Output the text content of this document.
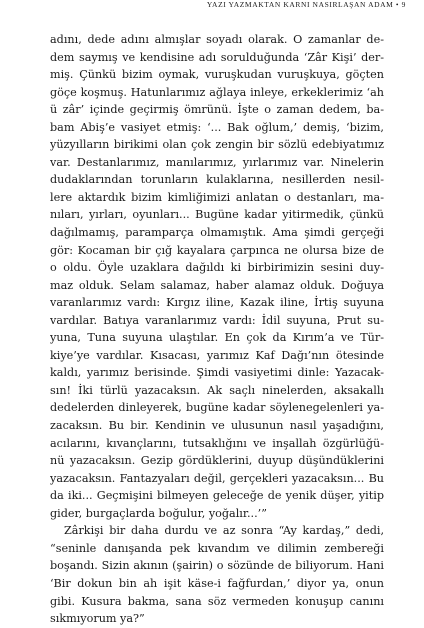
YAZI YAZMAKTAN KARNI NASIRLAŞAN ADAM • 9
adını, dede adını almışlar soyadı olarak. O zamanlar de-
dem saymış ve kendisine adı sorulduğunda ‘Zâr Kişi’ der-
miş. Çünkü bizim oymak, vuruşkudan vuruşkuya, göçten
göçe koşmuş. Hatunlarımız ağlaya inleye, erkeklerimiz ‘ah
ü zâr’ içinde geçirmiş ömrünü. İşte o zaman dedem, ba-
bam Abiş’e vasiyet etmiş: ‘... Bak oğlum,’ demiş, ‘bizim,
yüzyılların birikimi olan çok zengin bir sözlü edebiyatımız
var. Destanlarımız, manılarımız, yırlarımız var. Ninelerin
dudaklarından torunların kulaklarına, nesillerden nesil-
lere aktardık bizim kimliğimizi anlatan o destanları, ma-
nıları, yırları, oyunları... Bugüne kadar yitirmedik, çünkü
dağılmamış, paramparça olmamıştık. Ama şimdi gerçeği
gör: Kocaman bir çığ kayalara çarpınca ne olursa bize de
o oldu. Öyle uzaklara dağıldı ki birbirimizin sesini duy-
maz olduk. Selam salamaz, haber alamaz olduk. Doğuya
varanlarımız vardı: Kırgız iline, Kazak iline, İrtiş suyuna
vardılar. Batıya varanlarımız vardı: İdil suyuna, Prut su-
yuna, Tuna suyuna ulaştılar. En çok da Kırım’a ve Tür-
kiye’ye vardılar. Kısacası, yarımız Kaf Dağı’nın ötesinde
kaldı, yarımız berisinde. Şimdi vasiyetimi dinle: Yazacak-
sın! İki türlü yazacaksın. Ak saçlı ninelerden, aksakallı
dedelerden dinleyerek, bugüne kadar söylenegelenleri ya-
zacaksın. Bu bir. Kendinin ve ulusunun nasıl yaşadığını,
acılarını, kıvançlarını, tutsaklığını ve inşallah özgürlüğü-
nü yazacaksın. Gezip gördüklerini, duyup düşündüklerini
yazacaksın. Fantazyaları değil, gerçekleri yazacaksın... Bu
da iki... Geçmişini bilmeyen geleceğe de yenik düşer, yitip
gider, burgaçlarda boğulur, yoğalır...’”
Zârkişi bir daha durdu ve az sonra “Ay kardaş,” dedi,
“seninle danışanda pek kıvandım ve dilimin zembereği
boşandı. Sizin akının (şairin) o sözünde de biliyorum. Hani
‘Bir dokun bin ah işit käse-i fağfurdan,’ diyor ya, onun
gibi. Kusura bakma, sana söz vermeden konuşup canını
sıkmıyorum ya?”
